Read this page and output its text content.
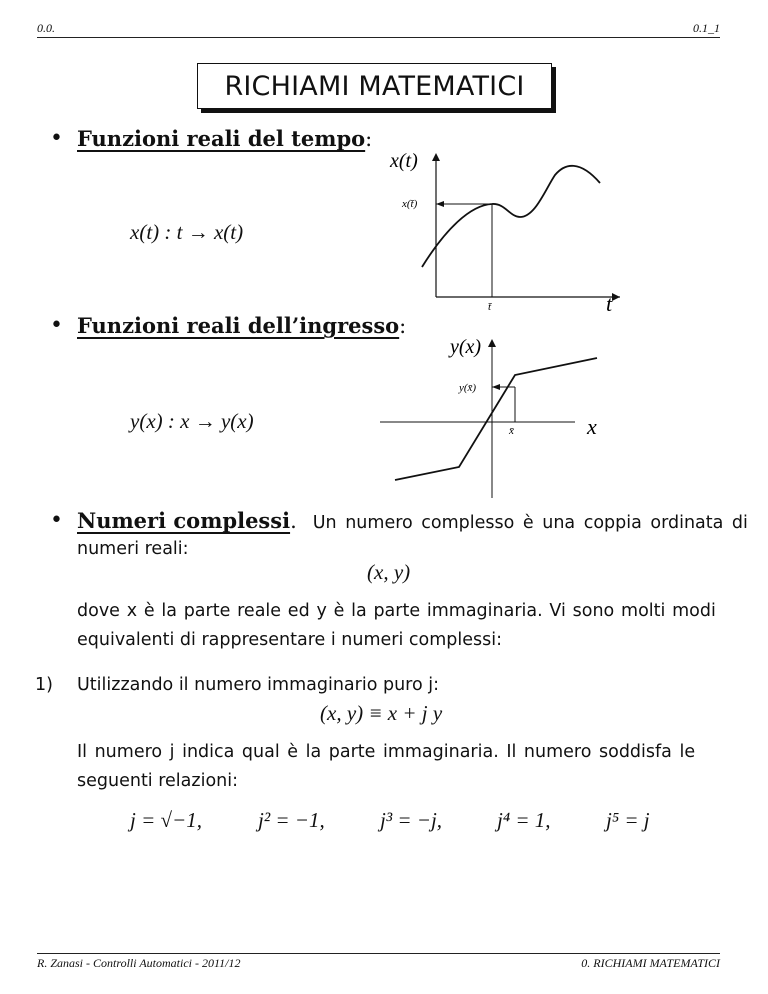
0.0.	0.1_1
RICHIAMI MATEMATICI
• Funzioni reali del tempo:
x(t) : t → x(t)
x(t)
t
x(t̄)
t̄
• Funzioni reali dell’ingresso:
y(x) : x → y(x)
y(x)
x
y(x̄)
x̄
• Numeri complessi. Un numero complesso è una coppia ordinata di
numeri reali:
(x, y)
dove x è la parte reale ed y è la parte immaginaria. Vi sono molti modi
equivalenti di rappresentare i numeri complessi:
1) Utilizzando il numero immaginario puro j:
(x, y) ≡ x + j y
Il numero j indica qual è la parte immaginaria. Il numero soddisfa le
seguenti relazioni:
j = √−1,	j² = −1,	j³ = −j,	j⁴ = 1,	j⁵ = j
R. Zanasi - Controlli Automatici - 2011/12	0. RICHIAMI MATEMATICI
